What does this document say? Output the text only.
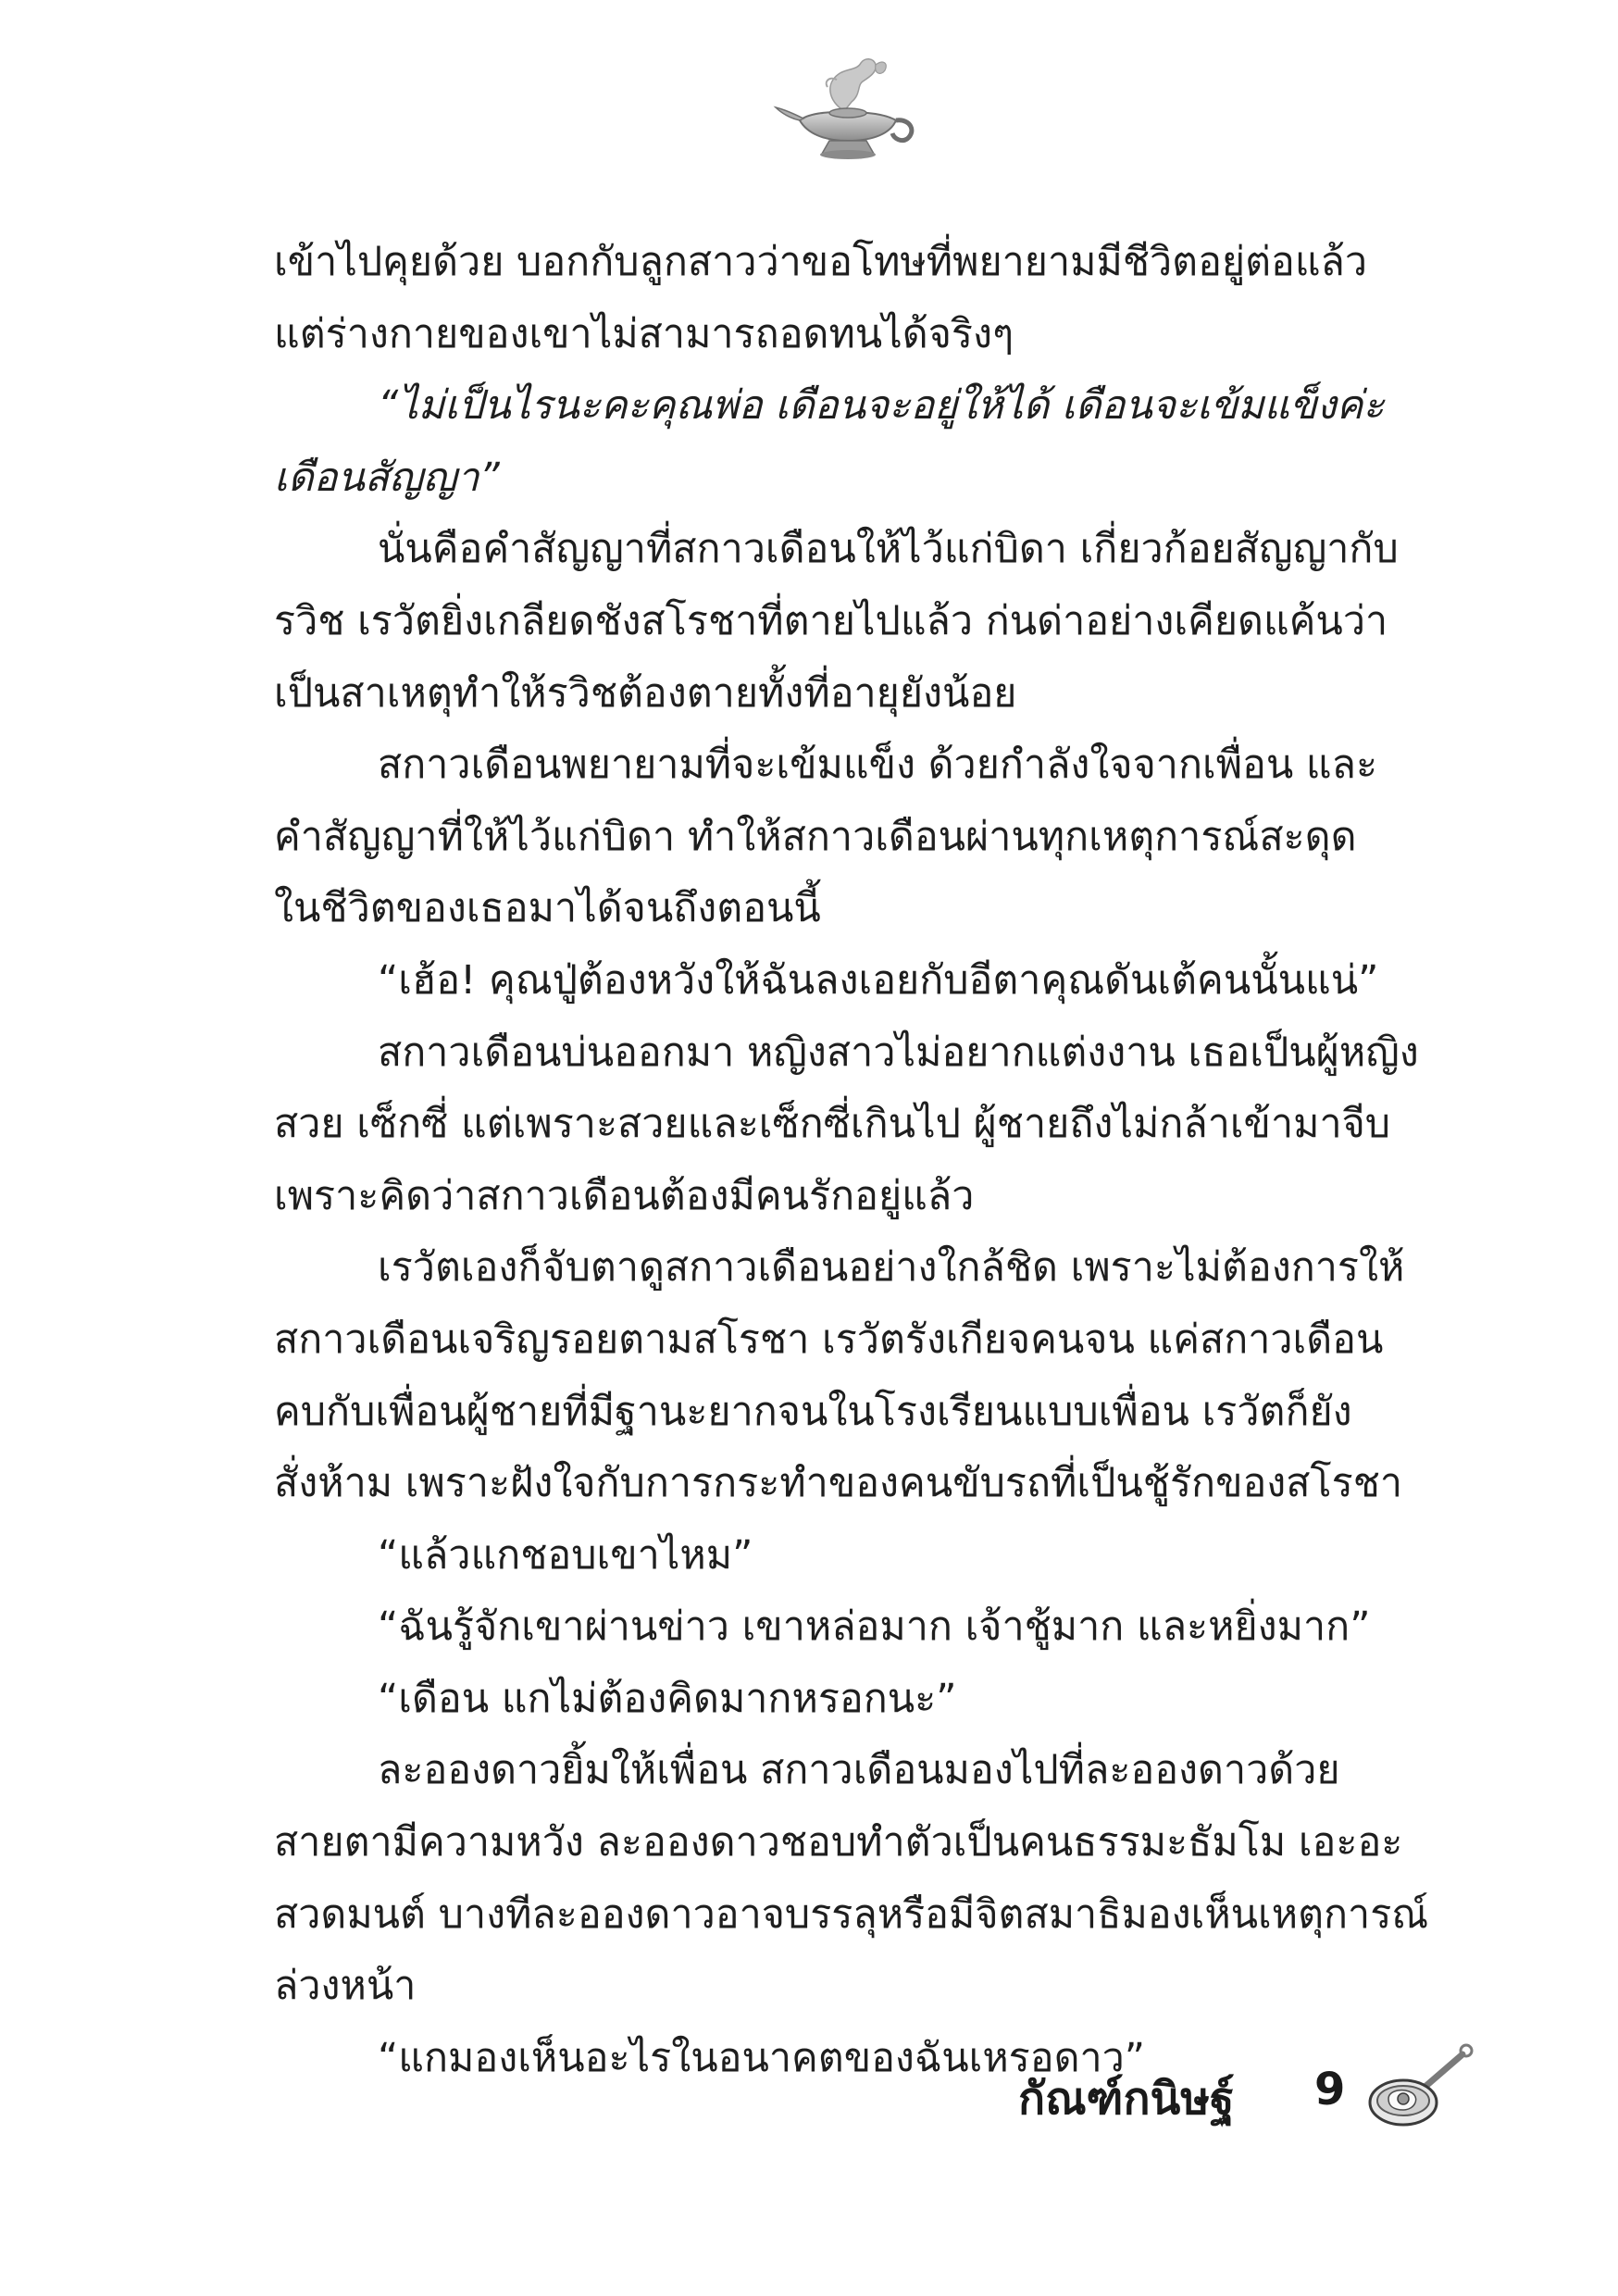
เข้าไปคุยด้วย บอกกับลูกสาวว่าขอโทษที่พยายามมีชีวิตอยู่ต่อแล้ว
แต่ร่างกายของเขาไม่สามารถอดทนได้จริงๆ
“ไม่เป็นไรนะคะคุณพ่อ เดือนจะอยู่ให้ได้ เดือนจะเข้มแข็งค่ะ
เดือนสัญญา”
นั่นคือคำสัญญาที่สกาวเดือนให้ไว้แก่บิดา เกี่ยวก้อยสัญญากับ
รวิช เรวัตยิ่งเกลียดชังสโรชาที่ตายไปแล้ว ก่นด่าอย่างเคียดแค้นว่า
เป็นสาเหตุทำให้รวิชต้องตายทั้งที่อายุยังน้อย
สกาวเดือนพยายามที่จะเข้มแข็ง ด้วยกำลังใจจากเพื่อน และ
คำสัญญาที่ให้ไว้แก่บิดา ทำให้สกาวเดือนผ่านทุกเหตุการณ์สะดุด
ในชีวิตของเธอมาได้จนถึงตอนนี้
“เฮ้อ! คุณปู่ต้องหวังให้ฉันลงเอยกับอีตาคุณดันเต้คนนั้นแน่”
สกาวเดือนบ่นออกมา หญิงสาวไม่อยากแต่งงาน เธอเป็นผู้หญิง
สวย เซ็กซี่ แต่เพราะสวยและเซ็กซี่เกินไป ผู้ชายถึงไม่กล้าเข้ามาจีบ
เพราะคิดว่าสกาวเดือนต้องมีคนรักอยู่แล้ว
เรวัตเองก็จับตาดูสกาวเดือนอย่างใกล้ชิด เพราะไม่ต้องการให้
สกาวเดือนเจริญรอยตามสโรชา เรวัตรังเกียจคนจน แค่สกาวเดือน
คบกับเพื่อนผู้ชายที่มีฐานะยากจนในโรงเรียนแบบเพื่อน เรวัตก็ยัง
สั่งห้าม เพราะฝังใจกับการกระทำของคนขับรถที่เป็นชู้รักของสโรชา
“แล้วแกชอบเขาไหม”
“ฉันรู้จักเขาผ่านข่าว เขาหล่อมาก เจ้าชู้มาก และหยิ่งมาก”
“เดือน แกไม่ต้องคิดมากหรอกนะ”
ละอองดาวยิ้มให้เพื่อน สกาวเดือนมองไปที่ละอองดาวด้วย
สายตามีความหวัง ละอองดาวชอบทำตัวเป็นคนธรรมะธัมโม เอะอะ
สวดมนต์ บางทีละอองดาวอาจบรรลุหรือมีจิตสมาธิมองเห็นเหตุการณ์
ล่วงหน้า
“แกมองเห็นอะไรในอนาคตของฉันเหรอดาว”
กัณฑ์กนิษฐ์ 9
